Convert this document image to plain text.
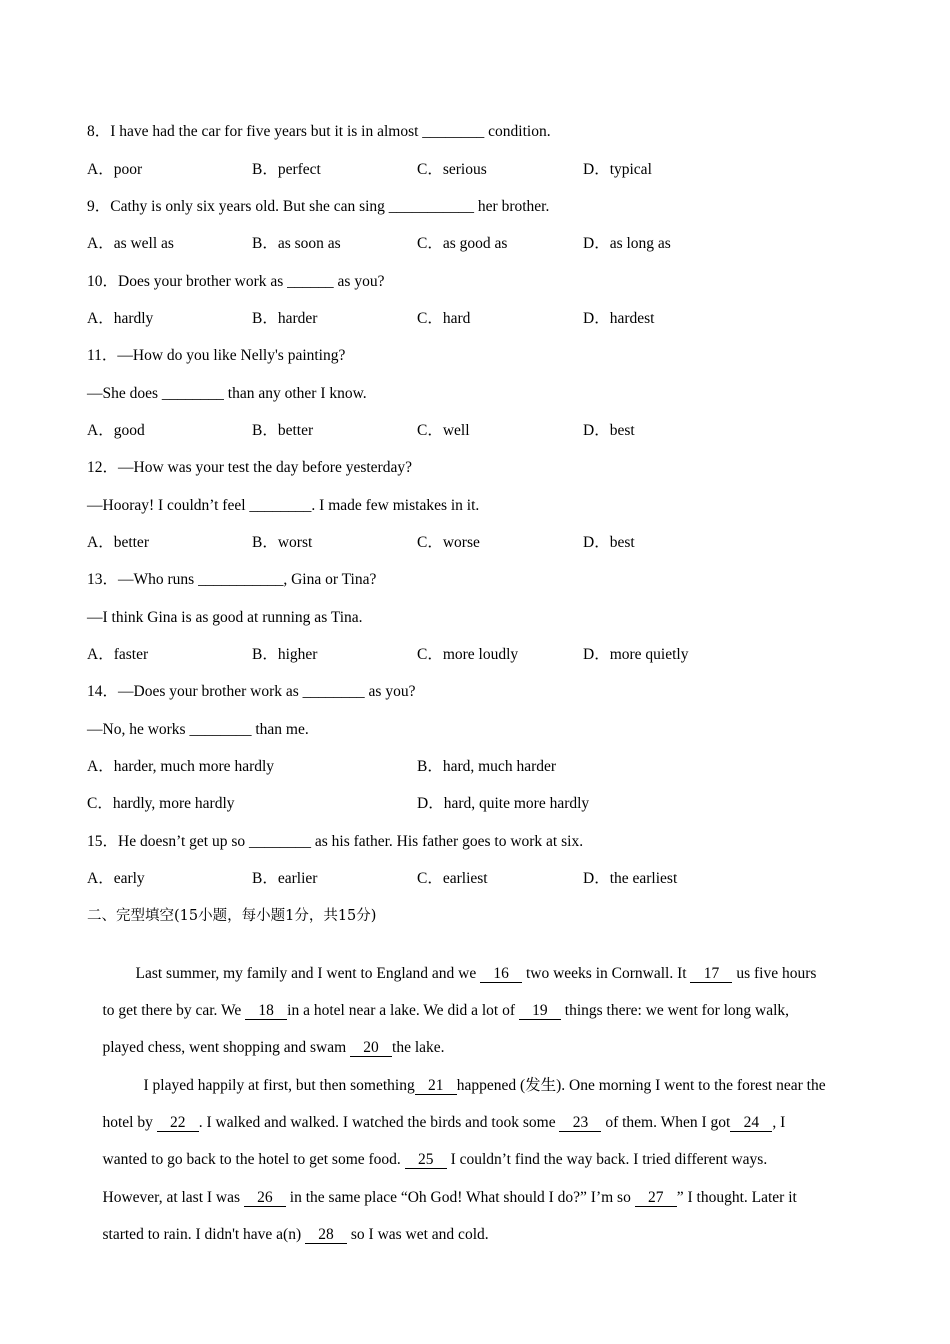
8．I have had the car for five years but it is in almost ________ condition.
A．poor	B．perfect	C．serious	D．typical
9．Cathy is only six years old. But she can sing ___________ her brother.
A．as well as	B．as soon as	C．as good as	D．as long as
10．Does your brother work as ______ as you?
A．hardly	B．harder	C．hard	D．hardest
11．—How do you like Nelly's painting?
—She does ________ than any other I know.
A．good	B．better	C．well	D．best
12．—How was your test the day before yesterday?
—Hooray! I couldn’t feel ________. I made few mistakes in it.
A．better	B．worst	C．worse	D．best
13．—Who runs ___________, Gina or Tina?
—I think Gina is as good at running as Tina.
A．faster	B．higher	C．more loudly	D．more quietly
14．—Does your brother work as ________ as you?
—No, he works ________ than me.
A．harder, much more hardly	B．hard, much harder
C．hardly, more hardly	D．hard, quite more hardly
15．He doesn’t get up so ________ as his father. His father goes to work at six.
A．early	B．earlier	C．earliest	D．the earliest
二、完型填空(15小题，每小题1分，共15分)

Last summer, my family and I went to England and we 16 two weeks in Cornwall. It 17 us five hours

to get there by car. We 18 in a hotel near a lake. We did a lot of 19 things there: we went for long walk,

played chess, went shopping and swam 20 the lake.

I played happily at first, but then something 21 happened (发生). One morning I went to the forest near the

hotel by 22 . I walked and walked. I watched the birds and took some 23 of them. When I got 24 , I

wanted to go back to the hotel to get some food. 25 I couldn’t find the way back. I tried different ways.

However, at last I was 26 in the same place “Oh God! What should I do?” I’m so 27 ” I thought. Later it

started to rain. I didn't have a(n) 28 so I was wet and cold.
